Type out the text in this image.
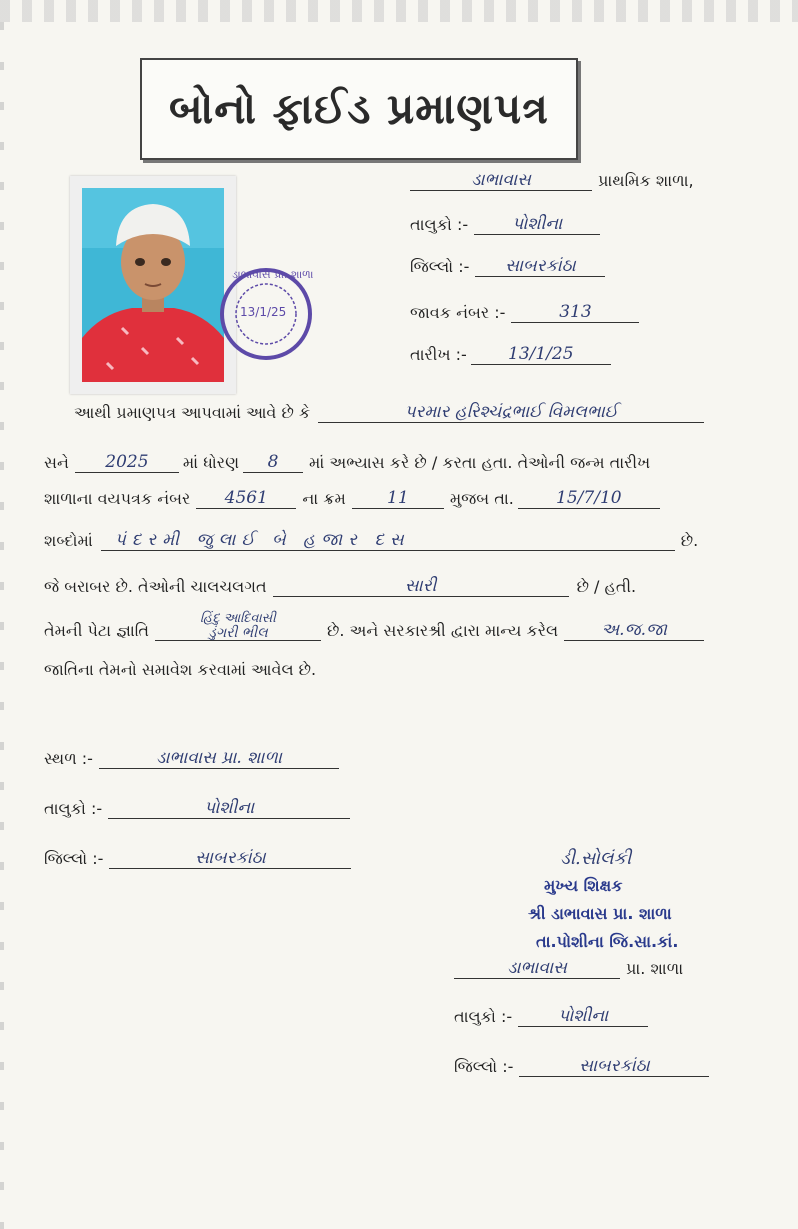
બોનો ફાઈડ પ્રમાણપત્ર
ડાભાવાસ પ્રા. શાળા
13/1/25
ડાભાવાસ	પ્રાથમિક શાળા,
તાલુકો :-	પોશીના
જિલ્લો :-	સાબરકાંઠા
જાવક નંબર :-	313
તારીખ :-	13/1/25
આથી પ્રમાણપત્ર આપવામાં આવે છે કે	પરમાર હરિશ્ચંદ્રભાઈ વિમલભાઈ
સને	2025	માં ધોરણ	8	માં અભ્યાસ કરે છે / કરતા હતા. તેઓની જન્મ તારીખ
શાળાના વયપત્રક નંબર	4561	ના ક્રમ	11	મુજબ તા.	15/7/10
શબ્દોમાં	પંદરમી જુલાઈ બે હજાર દસ	છે.
જે બરાબર છે. તેઓની ચાલચલગત	સારી	છે / હતી.
તેમની પેટા જ્ઞાતિ
હિંદુ આદિવાસી
ડુંગરી ભીલ	છે. અને સરકારશ્રી દ્વારા માન્ય કરેલ	અ.જ.જા
જાતિના તેમનો સમાવેશ કરવામાં આવેલ છે.
સ્થળ :-	ડાભાવાસ પ્રા. શાળા
તાલુકો :-	પોશીના
જિલ્લો :-	સાબરકાંઠા	ડી.સોલંકી
મુખ્ય શિક્ષક
શ્રી ડાભાવાસ પ્રા. શાળા
તા.પોશીના જિ.સા.કાં.
ડાભાવાસ	પ્રા. શાળા
તાલુકો :-	પોશીના
જિલ્લો :-	સાબરકાંઠા
